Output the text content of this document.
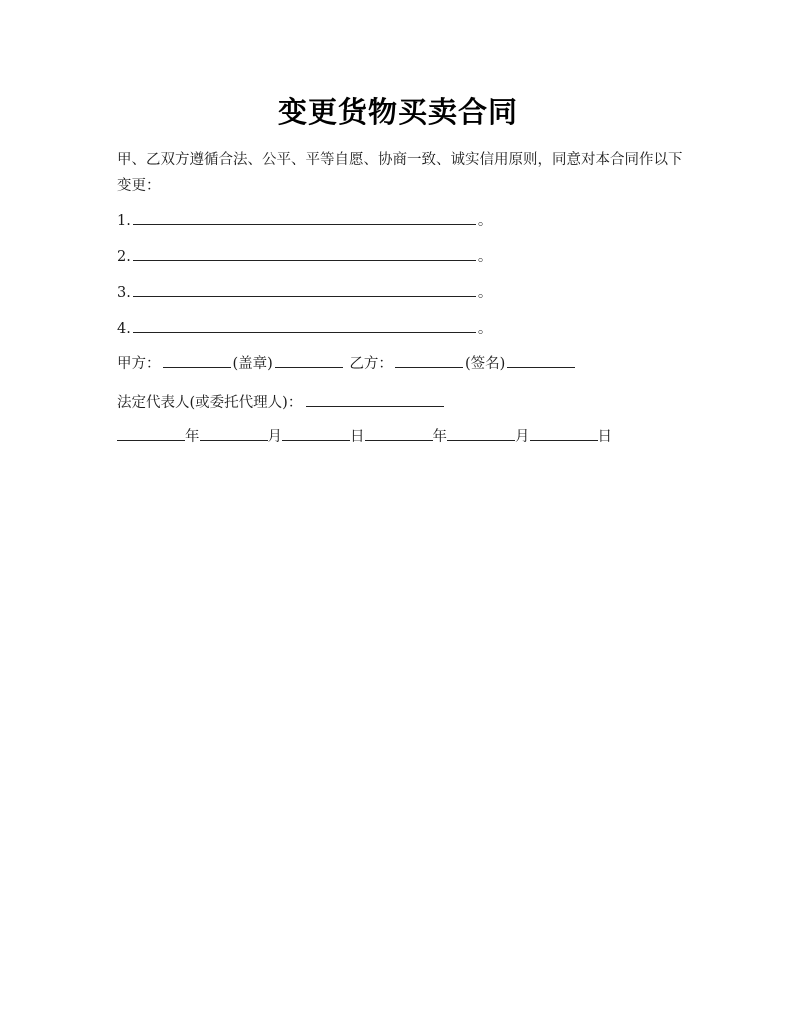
变更货物买卖合同
甲、乙双方遵循合法、公平、平等自愿、协商一致、诚实信用原则，同意对本合同作以下变更：
1.	。
2.	。
3.	。
4.	。
甲方：	(盖章)	乙方：	(签名)
法定代表人(或委托代理人)：
年	月	日	年	月	日
